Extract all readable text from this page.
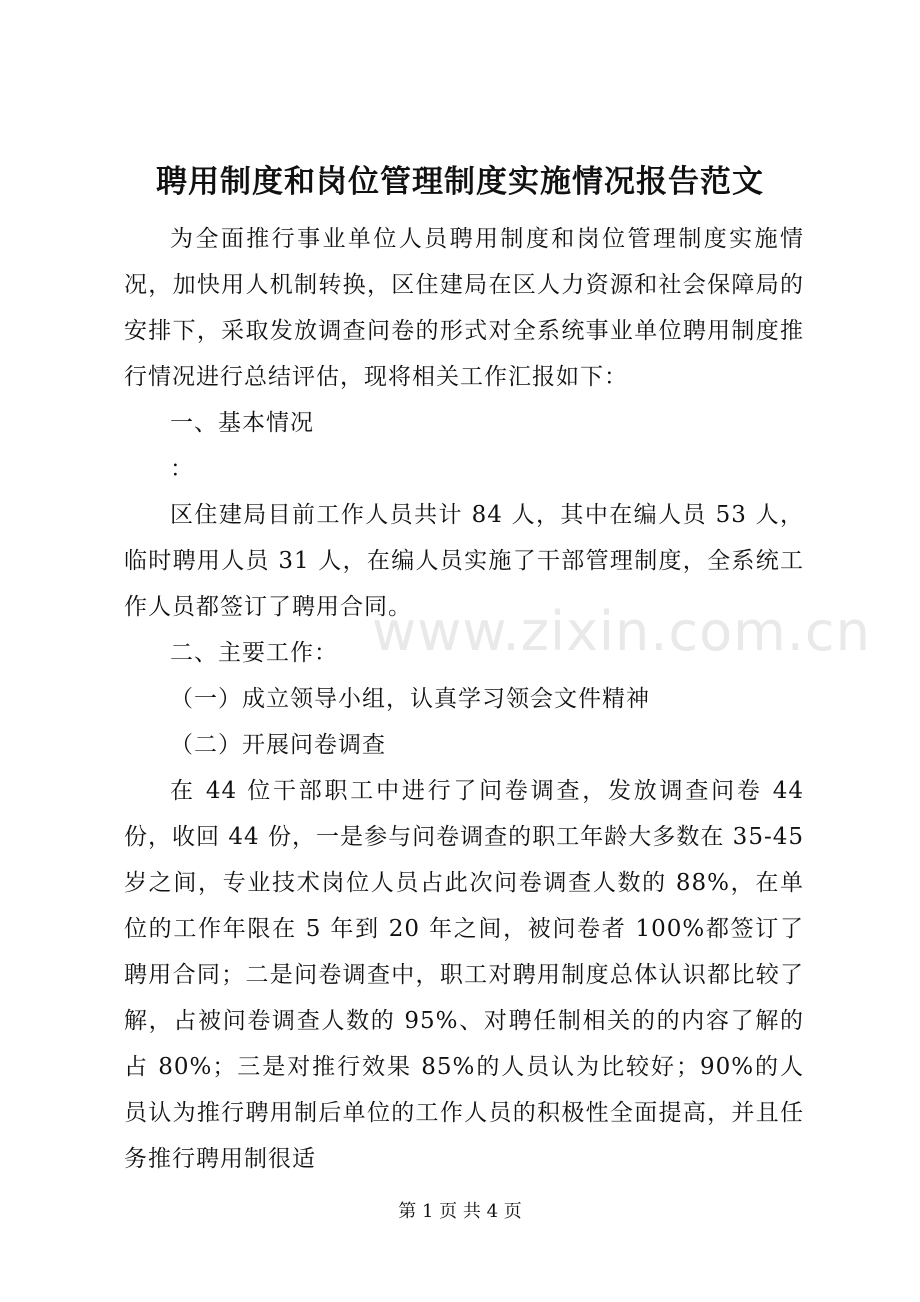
聘用制度和岗位管理制度实施情况报告范文

为全面推行事业单位人员聘用制度和岗位管理制度实施情况，加快用人机制转换，区住建局在区人力资源和社会保障局的安排下，采取发放调查问卷的形式对全系统事业单位聘用制度推行情况进行总结评估，现将相关工作汇报如下：

一、基本情况

：

区住建局目前工作人员共计 84 人，其中在编人员 53 人，临时聘用人员 31 人，在编人员实施了干部管理制度，全系统工作人员都签订了聘用合同。

二、主要工作：

（一）成立领导小组，认真学习领会文件精神

（二）开展问卷调查

在 44 位干部职工中进行了问卷调查，发放调查问卷 44 份，收回 44 份，一是参与问卷调查的职工年龄大多数在 35-45 岁之间，专业技术岗位人员占此次问卷调查人数的 88%，在单位的工作年限在 5 年到 20 年之间，被问卷者 100%都签订了聘用合同；二是问卷调查中，职工对聘用制度总体认识都比较了解，占被问卷调查人数的 95%、对聘任制相关的的内容了解的占 80%；三是对推行效果 85%的人员认为比较好；90%的人员认为推行聘用制后单位的工作人员的积极性全面提高，并且任务推行聘用制很适

www.zixin.com.cn
第 1 页 共 4 页
